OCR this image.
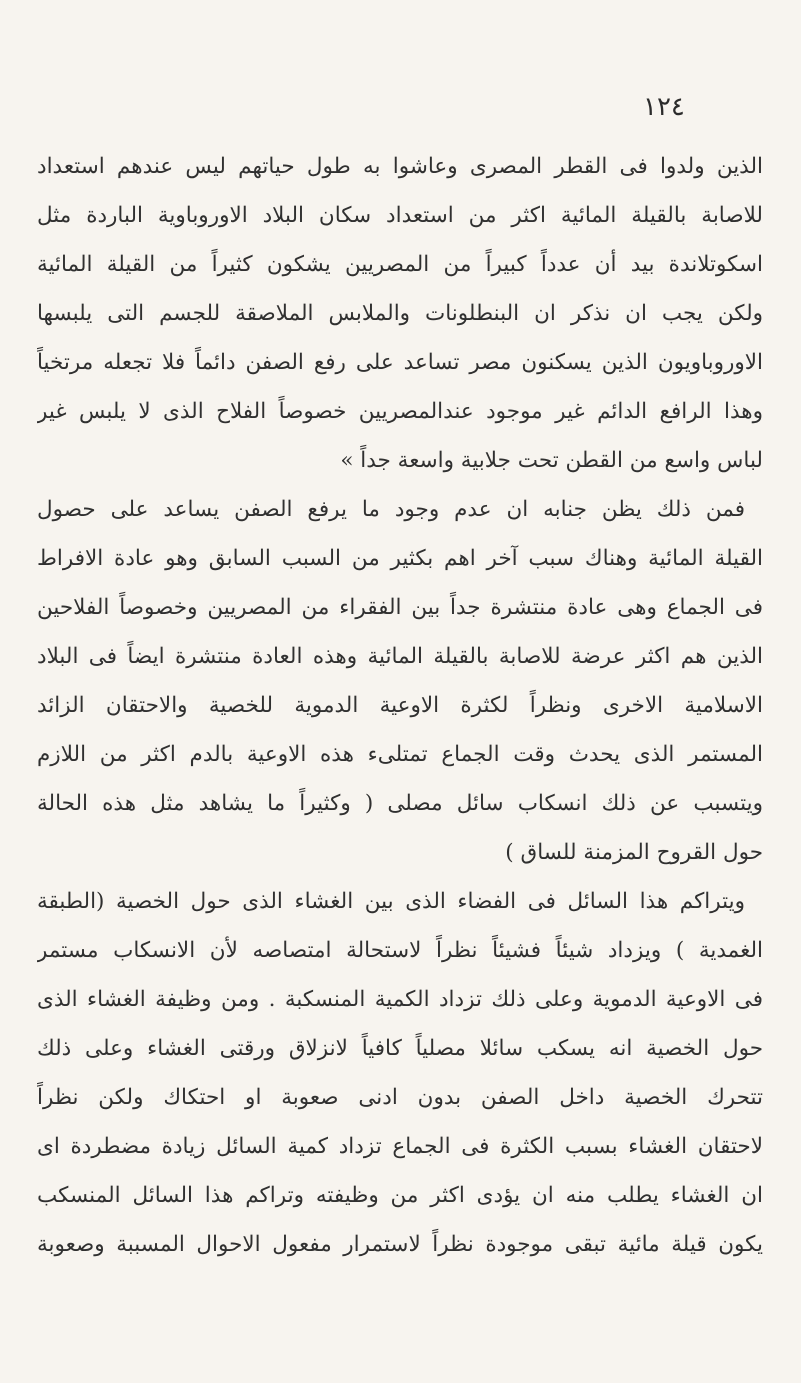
١٢٤
الذين ولدوا فى القطر المصرى وعاشوا به طول حياتهم ليس عندهم استعداد
للاصابة بالقيلة المائية اكثر من استعداد سكان البلاد الاوروباوية الباردة مثل
اسكوتلاندة بيد أن عدداً كبيراً من المصريين يشكون كثيراً من القيلة المائية
ولكن يجب ان نذكر ان البنطلونات والملابس الملاصقة للجسم التى يلبسها
الاوروباويون الذين يسكنون مصر تساعد على رفع الصفن دائماً فلا تجعله مرتخياً
وهذا الرافع الدائم غير موجود عندالمصريين خصوصاً الفلاح الذى لا يلبس غير
لباس واسع من القطن تحت جلابية واسعة جداً »
فمن ذلك يظن جنابه ان عدم وجود ما يرفع الصفن يساعد على حصول
القيلة المائية وهناك سبب آخر اهم بكثير من السبب السابق وهو عادة الافراط
فى الجماع وهى عادة منتشرة جداً بين الفقراء من المصريين وخصوصاً الفلاحين
الذين هم اكثر عرضة للاصابة بالقيلة المائية وهذه العادة منتشرة ايضاً فى البلاد
الاسلامية الاخرى ونظراً لكثرة الاوعية الدموية للخصية والاحتقان الزائد
المستمر الذى يحدث وقت الجماع تمتلىء هذه الاوعية بالدم اكثر من اللازم
ويتسبب عن ذلك انسكاب سائل مصلى ( وكثيراً ما يشاهد مثل هذه الحالة
حول القروح المزمنة للساق )
ويتراكم هذا السائل فى الفضاء الذى بين الغشاء الذى حول الخصية (الطبقة
الغمدية ) ويزداد شيئاً فشيئاً نظراً لاستحالة امتصاصه لأن الانسكاب مستمر
فى الاوعية الدموية وعلى ذلك تزداد الكمية المنسكبة . ومن وظيفة الغشاء الذى
حول الخصية انه يسكب سائلا مصلياً كافياً لانزلاق ورقتى الغشاء وعلى ذلك
تتحرك الخصية داخل الصفن بدون ادنى صعوبة او احتكاك ولكن نظراً
لاحتقان الغشاء بسبب الكثرة فى الجماع تزداد كمية السائل زيادة مضطردة اى
ان الغشاء يطلب منه ان يؤدى اكثر من وظيفته وتراكم هذا السائل المنسكب
يكون قيلة مائية تبقى موجودة نظراً لاستمرار مفعول الاحوال المسببة وصعوبة
